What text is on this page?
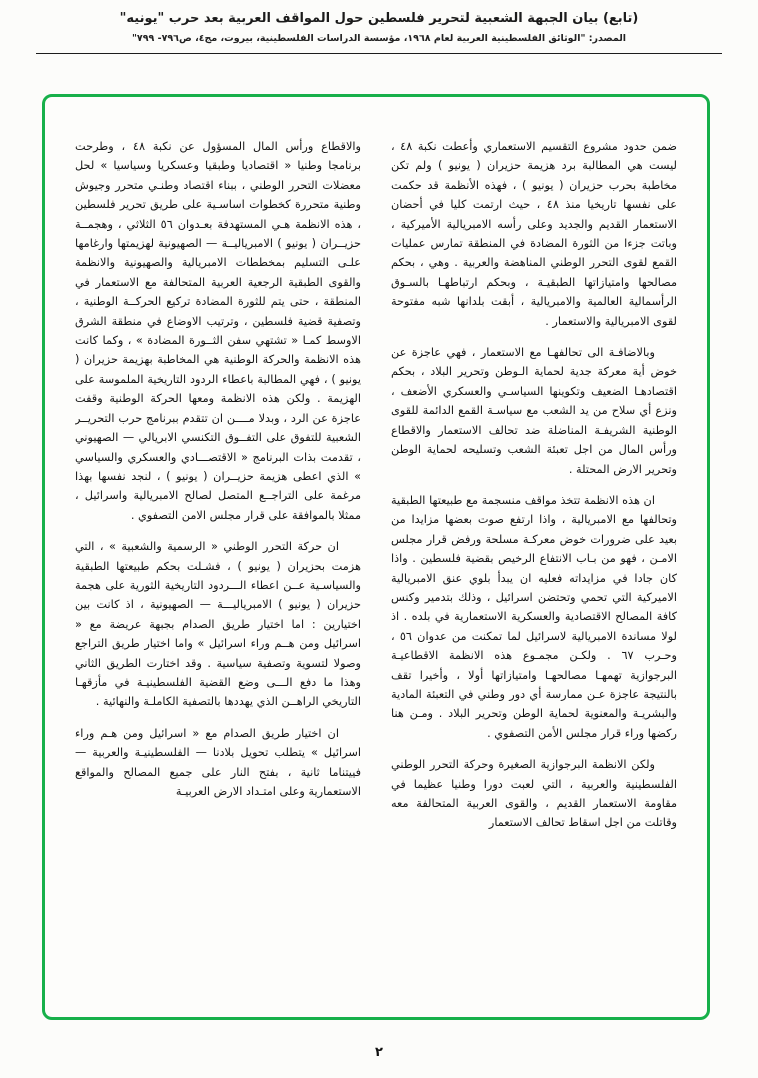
(تابع) بيان الجبهة الشعبية لتحرير فلسطين حول المواقف العربية بعد حرب "يونيه"
المصدر: "الوثائق الفلسطينية العربية لعام ١٩٦٨، مؤسسة الدراسات الفلسطينية، بيروت، مج٤، ص٧٩٦- ٧٩٩"

ضمن حدود مشروع التقسيم الاستعماري وأعطت نكبة ٤٨ ، ليست هي المطالبة برد هزيمة حزيران ( يونيو ) ولم تكن مخاطبة بحرب حزيران ( يونيو ) ، فهذه الأنظمة قد حكمت على نفسها تاريخيا منذ ٤٨ ، حيث ارتمت كليا في أحضان الاستعمار القديم والجديد وعلى رأسه الامبريالية الأميركية ، وباتت جزءا من الثورة المضادة في المنطقة تمارس عمليات القمع لقوى التحرر الوطني المناهضة والعربية . وهي ، بحكم مصالحها وامتيازاتها الطبقيـة ، وبحكم ارتباطهـا بالسـوق الرأسمالية العالمية والامبريالية ، أبقت بلدانها شبه مفتوحة لقوى الامبريالية والاستعمار .

وبالاضافـة الى تحالفهـا مع الاستعمار ، فهي عاجزة عن خوض أية معركة جدية لحماية الـوطن وتحرير البلاد ، بحكم اقتصادهـا الضعيف وتكوينها السياسـي والعسكري الأضعف ، ونزع أي سلاح من يد الشعب مع سياسـة القمع الدائمة للقوى الوطنية الشريفـة المناضلة ضد تحالف الاستعمار والاقطاع ورأس المال من اجل تعبئة الشعب وتسليحه لحماية الوطن وتحرير الارض المحتلة .

ان هذه الانظمة تتخذ مواقف منسجمة مع طبيعتها الطبقية وتحالفها مع الامبريالية ، واذا ارتفع صوت بعضها مزايدا من بعيد على ضرورات خوض معركـة مسلحة ورفض قرار مجلس الامـن ، فهو من بـاب الانتفاع الرخيص بقضية فلسطين . واذا كان جادا في مزايداته فعليه ان يبدأ بلوي عنق الامبريالية الاميركية التي تحمي وتحتضن اسرائيل ، وذلك بتدمير وكنس كافة المصالح الاقتصادية والعسكرية الاستعمارية في بلده . اذ لولا مساندة الامبريالية لاسرائيل لما تمكنت من عدوان ٥٦ ، وحـرب ٦٧ . ولكـن مجمـوع هذه الانظمة الاقطاعيـة البرجوازية تهمهـا مصالحهـا وامتيازاتها أولا ، وأخيرا تقف بالنتيجة عاجزة عـن ممارسة أي دور وطني في التعبئة المادية والبشريـة والمعنوية لحماية الوطن وتحرير البلاد . ومـن هنا ركضها وراء قرار مجلس الأمن التصفوي .

ولكن الانظمة البرجوازية الصغيرة وحركة التحرر الوطني الفلسطينية والعربية ، التي لعبت دورا وطنيا عظيما في مقاومة الاستعمار القديم ، والقوى العربية المتحالفة معه وقاتلت من اجل اسقاط تحالف الاستعمار

والاقطاع ورأس المال المسؤول عن نكبة ٤٨ ، وطرحت برنامجا وطنيا « اقتصاديا وطبقيا وعسكريا وسياسيا » لحل معضلات التحرر الوطني ، ببناء اقتصاد وطنـي متحرر وجيوش وطنية متحررة كخطوات اساسـية على طريق تحرير فلسطين ، هذه الانظمة هـي المستهدفة بعـدوان ٥٦ الثلاثي ، وهجمــة حزيــران ( يونيو ) الامبرياليــة — الصهيونية لهزيمتها وارغامها علـى التسليم بمخططات الامبريالية والصهيونية والانظمة والقوى الطبقية الرجعية العربية المتحالفة مع الاستعمار في المنطقة ، حتى يتم للثورة المضادة تركيع الحركــة الوطنية ، وتصفية قضية فلسطين ، وترتيب الاوضاع في منطقة الشرق الاوسط كمـا « تشتهي سفن الثــورة المضادة » ، وكما كانت هذه الانظمة والحركة الوطنية هي المخاطبة بهزيمة حزيران ( يونيو ) ، فهي المطالبة باعطاء الردود التاريخية الملموسة على الهزيمة . ولكن هذه الانظمة ومعها الحركة الوطنية وقفت عاجزة عن الرد ، وبدلا مــــن ان تتقدم ببرنامج حرب التحريــر الشعبية للتفوق على التفــوق التكنسي الابريالي — الصهيوني ، تقدمت بذات البرنامج « الاقتصـــادي والعسكري والسياسي » الذي اعطى هزيمة حزيــران ( يونيو ) ، لنجد نفسها بهذا مرغمة على التراجــع المتصل لصالح الامبريالية واسرائيل ، ممثلا بالموافقة على قرار مجلس الامن التصفوي .

ان حركة التحرر الوطني « الرسمية والشعبية » ، التي هزمت بحزيران ( يونيو ) ، فشـلت بحكم طبيعتها الطبقية والسياسـية عــن اعطاء الـــردود التاريخية الثورية على هجمة حزيران ( يونيو ) الامبرياليـــة — الصهيونية ، اذ كانت بين اختيارين : اما اختيار طريق الصدام بجبهة عريضة مع « اسرائيل ومن هــم وراء اسرائيل » واما اختيار طريق التراجع وصولا لتسوية وتصفية سياسية . وقد اختارت الطريق الثاني وهذا ما دفع الـــى وضع القضية الفلسطينيـة في مأزقهـا التاريخي الراهــن الذي يهددها بالتصفية الكاملـة والنهائية .

ان اختيار طريق الصدام مع « اسرائيل ومن هـم وراء اسرائيل » يتطلب تحويل بلادنا — الفلسطينيـة والعربية — فييتناما ثانية ، بفتح النار على جميع المصالح والمواقع الاستعمارية وعلى امتـداد الارض العربيـة

٢
